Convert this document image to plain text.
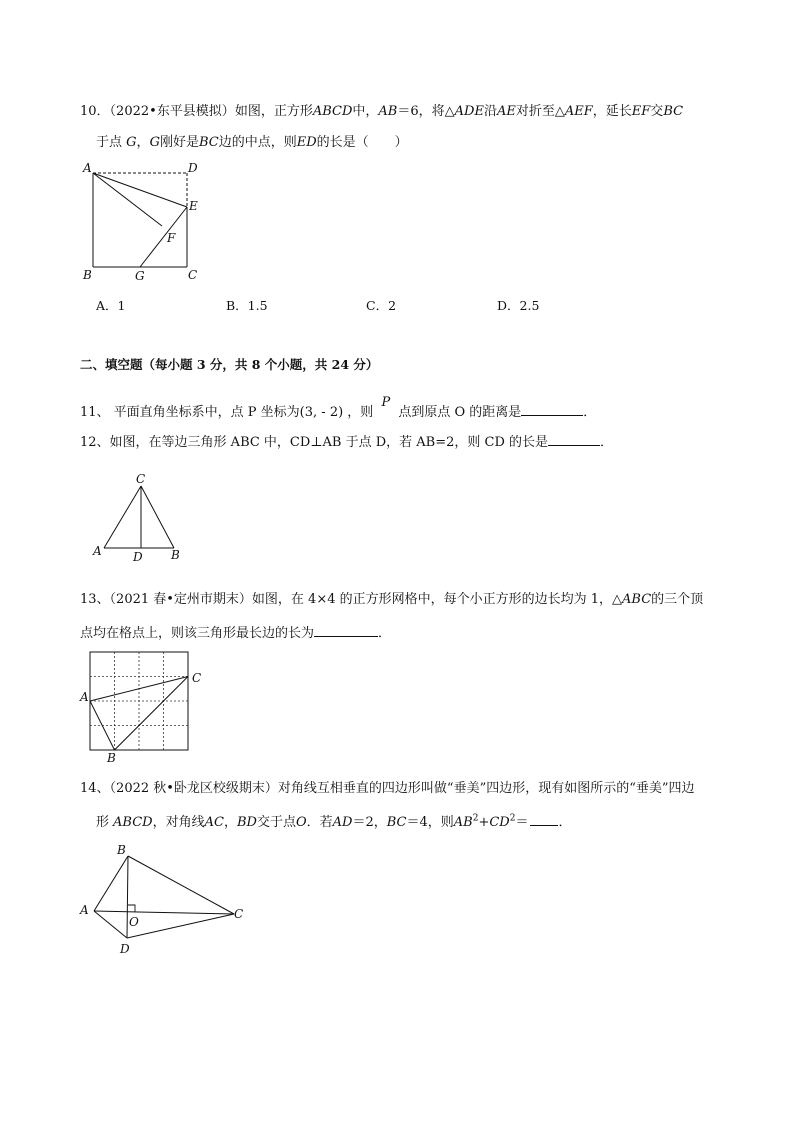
10．（2022•东平县模拟）如图，正方形ABCD中，AB＝6，将△ADE沿AE对折至△AEF，延长EF交BC
于点 G，G刚好是BC边的中点，则ED的长是（　　）
A	D
E
F
B	G	C
A．1	B．1.5	C．2	D．2.5
二、填空题（每小题 3 分，共 8 个小题，共 24 分）
11、 平面直角坐标系中，点 P 坐标为(3, - 2) ，则 P 点到原点 O 的距离是	．
12、如图，在等边三角形 ABC 中，CD⊥AB 于点 D，若 AB=2，则 CD 的长是	．
C
A	D B
13、（2021 春•定州市期末）如图，在 4×4 的正方形网格中，每个小正方形的边长均为 1，△ABC的三个顶
点均在格点上，则该三角形最长边的长为	．
A
C
B
14、（2022 秋•卧龙区校级期末）对角线互相垂直的四边形叫做“垂美”四边形，现有如图所示的“垂美”四边
形 ABCD，对角线AC，BD交于点O．若AD＝2，BC＝4，则$AB^2+CD^2=$ ．
B
A
O
C
D
